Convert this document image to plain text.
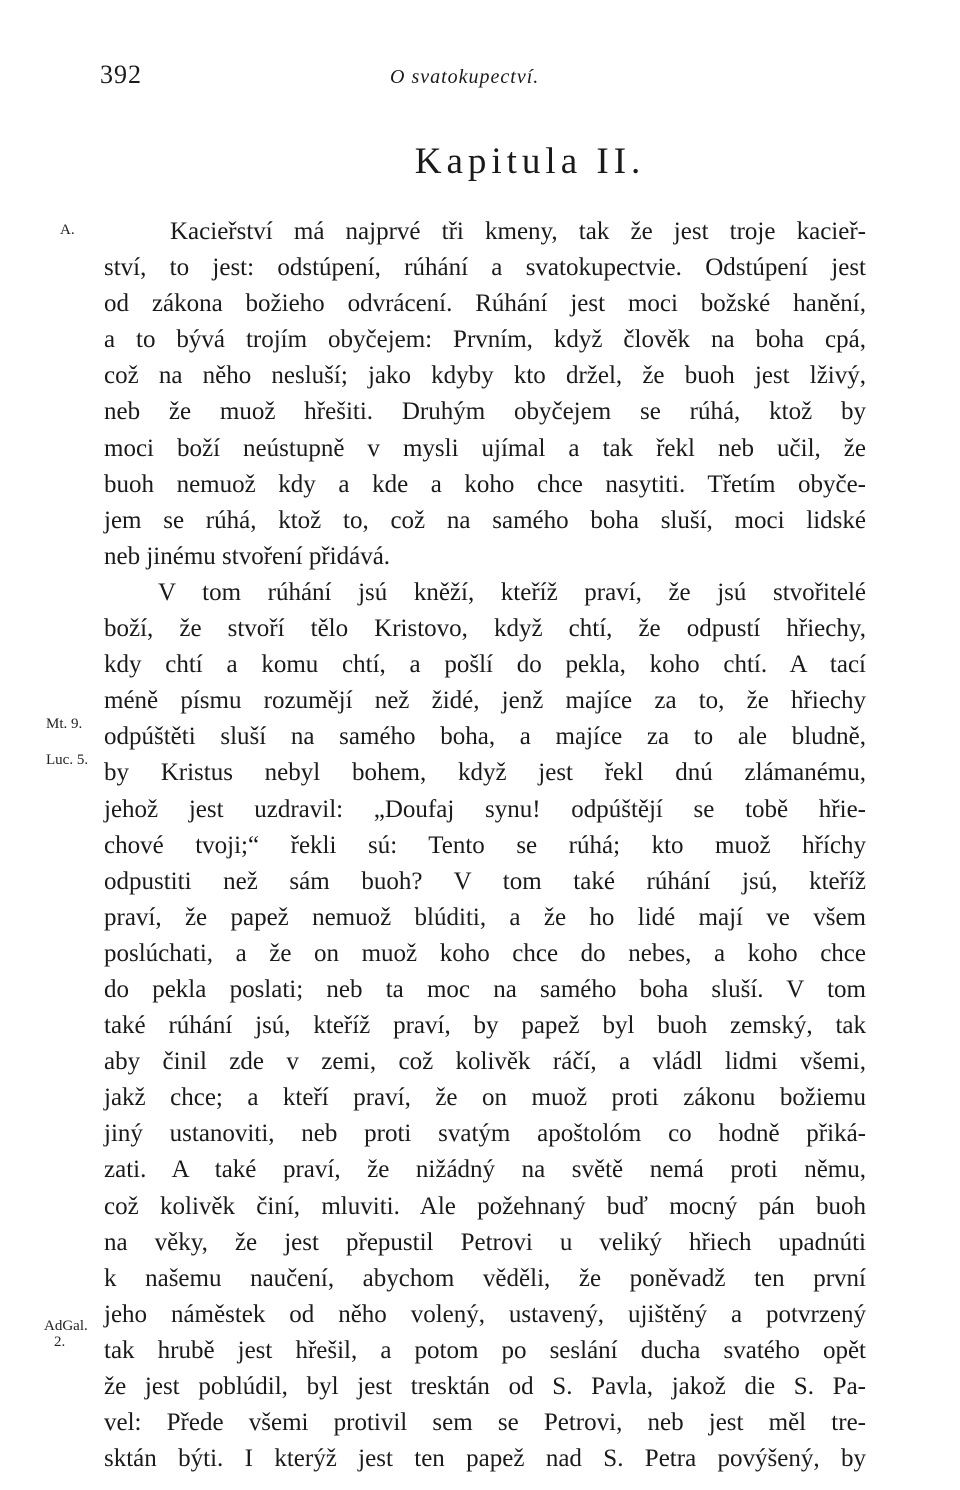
392	O svatokupectví.
Kapitula II.
A.
Mt. 9.
Luc. 5.
AdGal.
2.
Kacieřství má najprvé tři kmeny, tak že jest troje kacieř-
ství, to jest: odstúpení, rúhání a svatokupectvie. Odstúpení jest
od zákona božieho odvrácení. Rúhání jest moci božské hanění,
a to bývá trojím obyčejem: Prvním, když člověk na boha cpá,
což na něho nesluší; jako kdyby kto držel, že buoh jest lživý,
neb že muož hřešiti. Druhým obyčejem se rúhá, ktož by
moci boží neústupně v mysli ujímal a tak řekl neb učil, že
buoh nemuož kdy a kde a koho chce nasytiti. Třetím obyče-
jem se rúhá, ktož to, což na samého boha sluší, moci lidské
neb jinému stvoření přidává.
V tom rúhání jsú kněží, kteříž praví, že jsú stvořitelé
boží, že stvoří tělo Kristovo, když chtí, že odpustí hřiechy,
kdy chtí a komu chtí, a pošlí do pekla, koho chtí. A tací
méně písmu rozumějí než židé, jenž majíce za to, že hřiechy
odpúštěti sluší na samého boha, a majíce za to ale bludně,
by Kristus nebyl bohem, když jest řekl dnú zlámanému,
jehož jest uzdravil: „Doufaj synu! odpúštějí se tobě hřie-
chové tvoji;“ řekli sú: Tento se rúhá; kto muož hříchy
odpustiti než sám buoh? V tom také rúhání jsú, kteříž
praví, že papež nemuož blúditi, a že ho lidé mají ve všem
poslúchati, a že on muož koho chce do nebes, a koho chce
do pekla poslati; neb ta moc na samého boha sluší. V tom
také rúhání jsú, kteříž praví, by papež byl buoh zemský, tak
aby činil zde v zemi, což kolivěk ráčí, a vládl lidmi všemi,
jakž chce; a kteří praví, že on muož proti zákonu božiemu
jiný ustanoviti, neb proti svatým apoštolóm co hodně přiká-
zati. A také praví, že nižádný na světě nemá proti němu,
což kolivěk činí, mluviti. Ale požehnaný buď mocný pán buoh
na věky, že jest přepustil Petrovi u veliký hřiech upadnúti
k našemu naučení, abychom věděli, že poněvadž ten první
jeho náměstek od něho volený, ustavený, ujištěný a potvrzený
tak hrubě jest hřešil, a potom po seslání ducha svatého opět
že jest poblúdil, byl jest tresktán od S. Pavla, jakož die S. Pa-
vel: Přede všemi protivil sem se Petrovi, neb jest měl tre-
sktán býti. I kterýž jest ten papež nad S. Petra povýšený, by
